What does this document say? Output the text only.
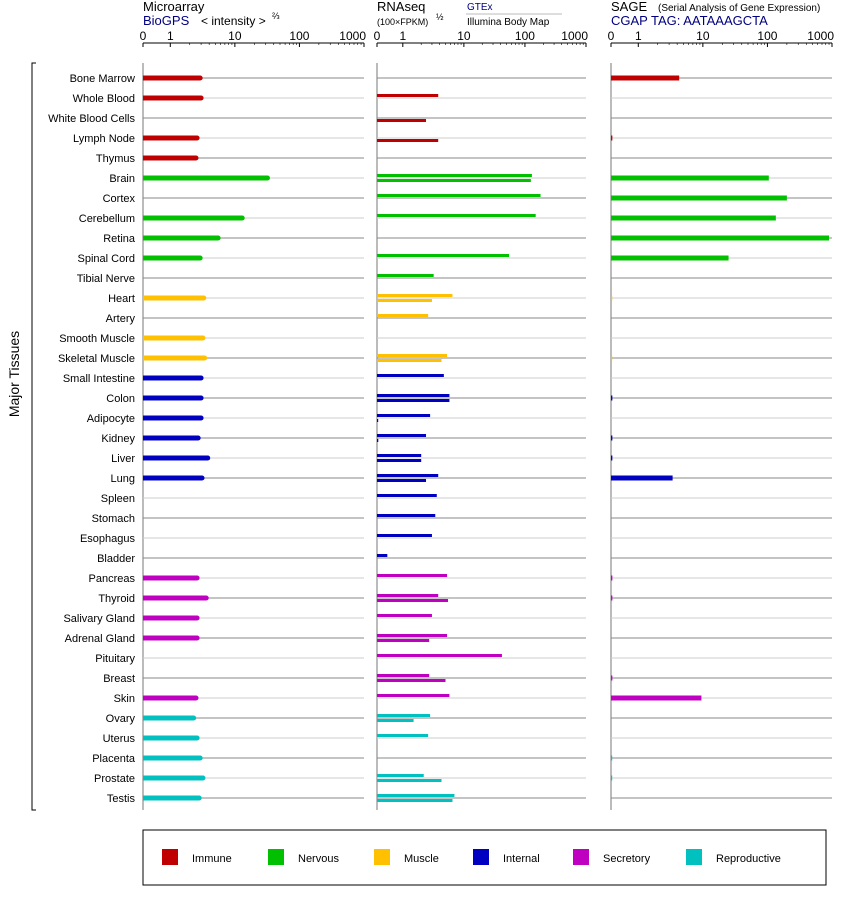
Microarray
BioGPS < intensity > ⅔
RNAseq
(100×FPKM) ½
GTEx
Illumina Body Map
SAGE (Serial Analysis of Gene Expression)
CGAP TAG: AATAAAGCTA
0 1	10	100 1000 0 1	10	100 1000 0 1	10	100 1000
Major Tissues
Bone Marrow
Whole Blood
White Blood Cells
Lymph Node
Thymus
Brain
Cortex
Cerebellum
Retina
Spinal Cord
Tibial Nerve
Heart
Artery
Smooth Muscle
Skeletal Muscle
Small Intestine
Colon
Adipocyte
Kidney
Liver
Lung
Spleen
Stomach
Esophagus
Bladder
Pancreas
Thyroid
Salivary Gland
Adrenal Gland
Pituitary
Breast
Skin
Ovary
Uterus
Placenta
Prostate
Testis
Immune	Nervous	Muscle	Internal	Secretory	Reproductive
